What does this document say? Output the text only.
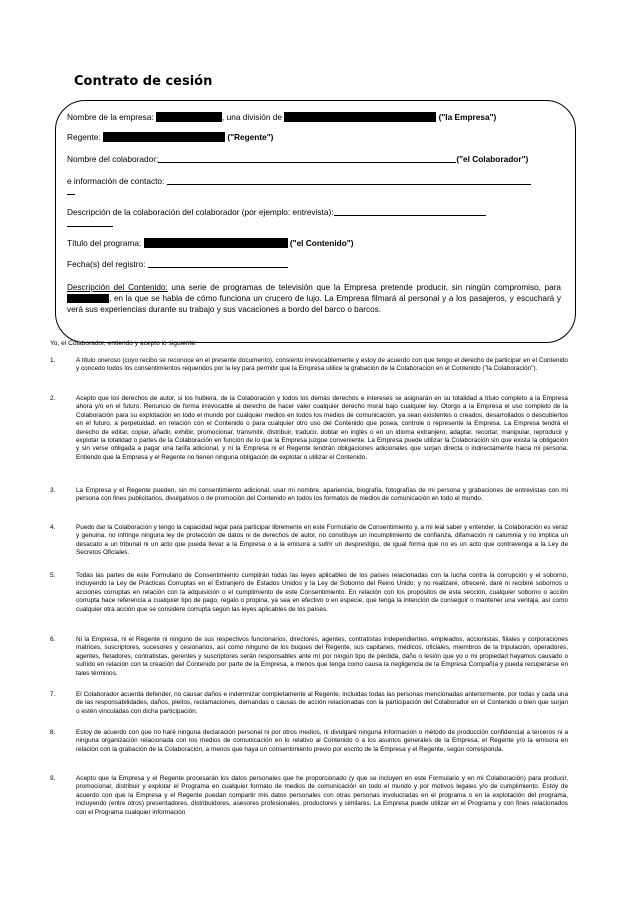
Contrato de cesión
Nombre de la empresa:	, una división de	("la Empresa")
Regente:	("Regente")
Nombre del colaborador:	("el Colaborador")
e información de contacto:
Descripción de la colaboración del colaborador (por ejemplo: entrevista):
Título del programa:	("el Contenido")
Fecha(s) del registro:
Descripción del Contenido: una serie de programas de televisión que la Empresa pretende producir, sin ningún compromiso, para , en la que se habla de cómo funciona un crucero de lujo. La Empresa filmará al personal y a los pasajeros, y escuchará y verá sus experiencias durante su trabajo y sus vacaciones a bordo del barco o barcos.
Yo, el Colaborador, entiendo y acepto lo siguiente:
1.	A título oneroso (cuyo recibo se reconoce en el presente documento), consiento irrevocablemente y estoy de acuerdo con que tengo el derecho de participar en el Contenido y concedo todos los consentimientos requeridos por la ley para permitir que la Empresa utilice la grabación de la Colaboración en el Contenido ("la Colaboración").
2.	Acepto que los derechos de autor, si los hubiera, de la Colaboración y todos los demás derechos e intereses se asignarán en su totalidad a título completo a la Empresa ahora y/o en el futuro. Renuncio de forma irrevocable al derecho de hacer valer cualquier derecho moral bajo cualquier ley. Otorgo a la Empresa el uso completo de la Colaboración para su explotación en todo el mundo por cualquier medios en todos los medios de comunicación, ya sean existentes o creados, desarrollados o descubiertos en el futuro, a perpetuidad, en relación con el Contenido o para cualquier otro uso del Contenido que posea, controle o represente la Empresa. La Empresa tendrá el derecho de editar, copiar, añadir, exhibir, promocionar, transmitir, distribuir, traducir, doblar en inglés o en un idioma extranjero, adaptar, recortar, manipular, reproducir y explotar la totalidad o partes de la Colaboración en función de lo que la Empresa juzgue conveniente. La Empresa puede utilizar la Colaboración sin que exista la obligación y sin verse obligada a pagar una tarifa adicional, y ni la Empresa ni el Regente tendrán obligaciones adicionales que surjan directa o indirectamente hacia mi persona. Entiendo que la Empresa y el Regente no tienen ninguna obligación de explotar o utilizar el Contenido.
3.	La Empresa y el Regente pueden, sin mi consentimiento adicional, usar mi nombre, apariencia, biografía, fotografías de mi persona y grabaciones de entrevistas con mi persona con fines publicitarios, divulgativos o de promoción del Contenido en todos los formatos de medios de comunicación en todo el mundo.
4.	Puedo dar la Colaboración y tengo la capacidad legal para participar libremente en este Formulario de Consentimiento y, a mi leal saber y entender, la Colaboración es veraz y genuina, no infringe ninguna ley de protección de datos ni de derechos de autor, no constituye un incumplimiento de confianza, difamación ni calumnia y no implica un desacato a un tribunal ni un acto que pueda llevar a la Empresa o a la emisora a sufrir un desprestigio, de igual forma que no es un acto que contravenga a la Ley de Secretos Oficiales.
5.	Todas las partes de este Formulario de Consentimiento cumplirán todas las leyes aplicables de los países relacionadas con la lucha contra la corrupción y el soborno, incluyendo la Ley de Prácticas Corruptas en el Extranjero de Estados Unidos y la Ley de Soborno del Reino Unido; y no realizaré, ofreceré, daré ni recibiré sobornos o acciones corruptas en relación con la adquisición o el cumplimiento de este Consentimiento. En relación con los propósitos de esta sección, cualquier soborno o acción corrupta hace referencia a cualquier tipo de pago, regalo o propina, ya sea en efectivo o en especie, que tenga la intención de conseguir o mantener una ventaja, así como cualquier otra acción que se considere corrupta según las leyes aplicables de los países.
6.	Ni la Empresa, ni el Regente ni ninguno de sus respectivos funcionarios, directores, agentes, contratistas independientes, empleados, accionistas, filiales y corporaciones matrices, suscriptores, sucesores y cesionarios, así como ninguno de los buques del Regente, sus capitanes, médicos, oficiales, miembros de la tripulación, operadores, agentes, fletadores, contratistas, gerentes y suscriptores serán responsables ante mí por ningún tipo de pérdida, daño o lesión que yo o mi propiedad hayamos causado o sufrido en relación con la creación del Contenido por parte de la Empresa, a menos que tenga como causa la negligencia de la Empresa Compañía y pueda recuperarse en tales términos.
7.	El Colaborador acuerda defender, no causar daños e indemnizar completamente al Regente, incluidas todas las personas mencionadas anteriormente, por todas y cada una de las responsabilidades, daños, pleitos, reclamaciones, demandas o causas de acción relacionadas con la participación del Colaborador en el Contenido o bien que surjan o estén vinculadas con dicha participación.
8.	Estoy de acuerdo con que no haré ninguna declaración personal ni por otros medios, ni divulgaré ninguna información o método de producción confidencial a terceros ni a ninguna organización relacionada con los medios de comunicación en lo relativo al Contenido o a los asuntos generales de la Empresa, el Regente y/o la emisora en relación con la grabación de la Colaboración, a menos que haya un consentimiento previo por escrito de la Empresa y el Regente, según corresponda.
9.	Acepto que la Empresa y el Regente procesarán los datos personales que he proporcionado (y que se incluyen en este Formulario y en mi Colaboración) para producir, promocionar, distribuir y explotar el Programa en cualquier formato de medios de comunicación en todo el mundo y por motivos legales y/o de cumplimiento. Estoy de acuerdo con que la Empresa y el Regente puedan compartir mis datos personales con otras personas involucradas en el programa o en la explotación del programa, incluyendo (entre otros) presentadores, distribuidores, asesores profesionales, productores y similares. La Empresa puede utilizar en el Programa y con fines relacionados con el Programa cualquier información
